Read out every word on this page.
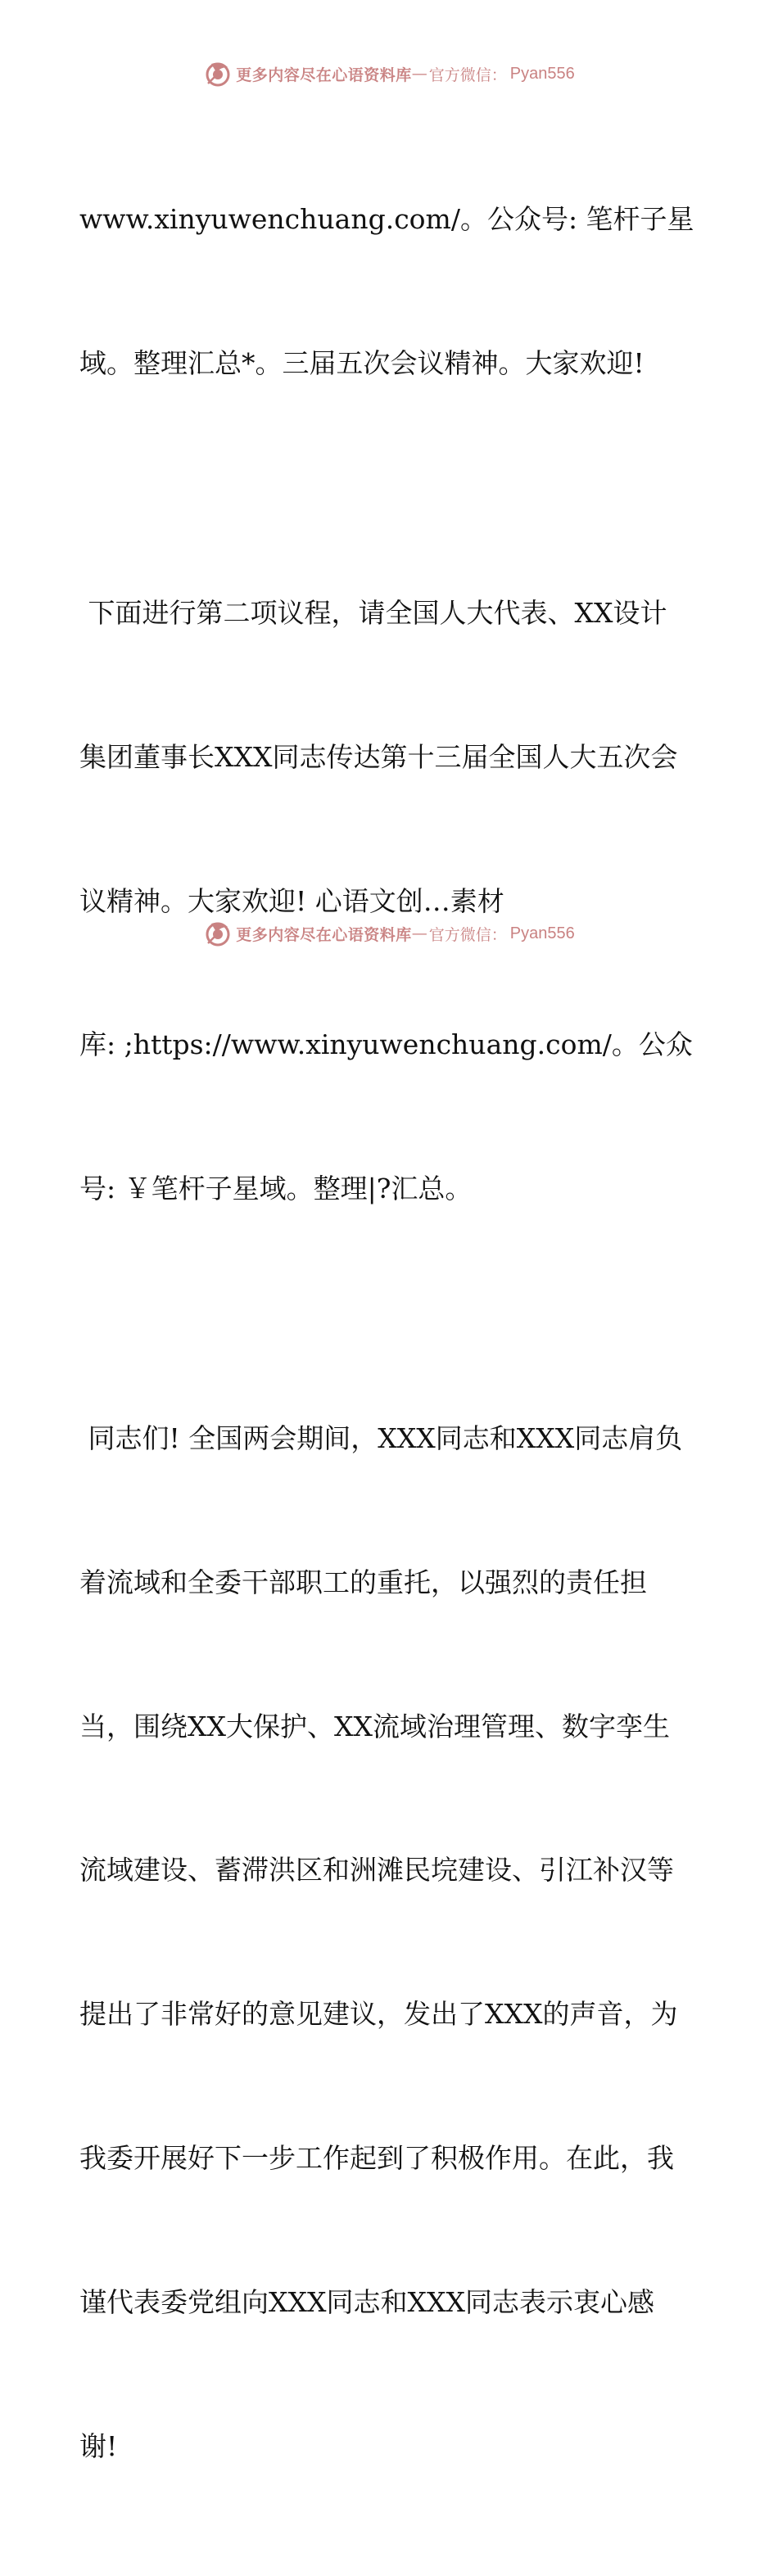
更多内容尽在心语资料库 — 官方微信： Pyan556

www.xinyuwenchuang.com/。公众号: 笔杆子星

域。整理汇总*。三届五次会议精神。大家欢迎!

下面进行第二项议程，请全国人大代表、XX设计

集团董事长XXX同志传达第十三届全国人大五次会

议精神。大家欢迎! 心语文创…素材

库: ;https://www.xinyuwenchuang.com/。公众

号: ￥笔杆子星域。整理|?汇总。

同志们! 全国两会期间，XXX同志和XXX同志肩负

着流域和全委干部职工的重托，以强烈的责任担

当，围绕XX大保护、XX流域治理管理、数字孪生

流域建设、蓄滞洪区和洲滩民垸建设、引江补汉等

提出了非常好的意见建议，发出了XXX的声音，为

我委开展好下一步工作起到了积极作用。在此，我

谨代表委党组向XXX同志和XXX同志表示衷心感

谢!

更多内容尽在心语资料库 — 官方微信： Pyan556
